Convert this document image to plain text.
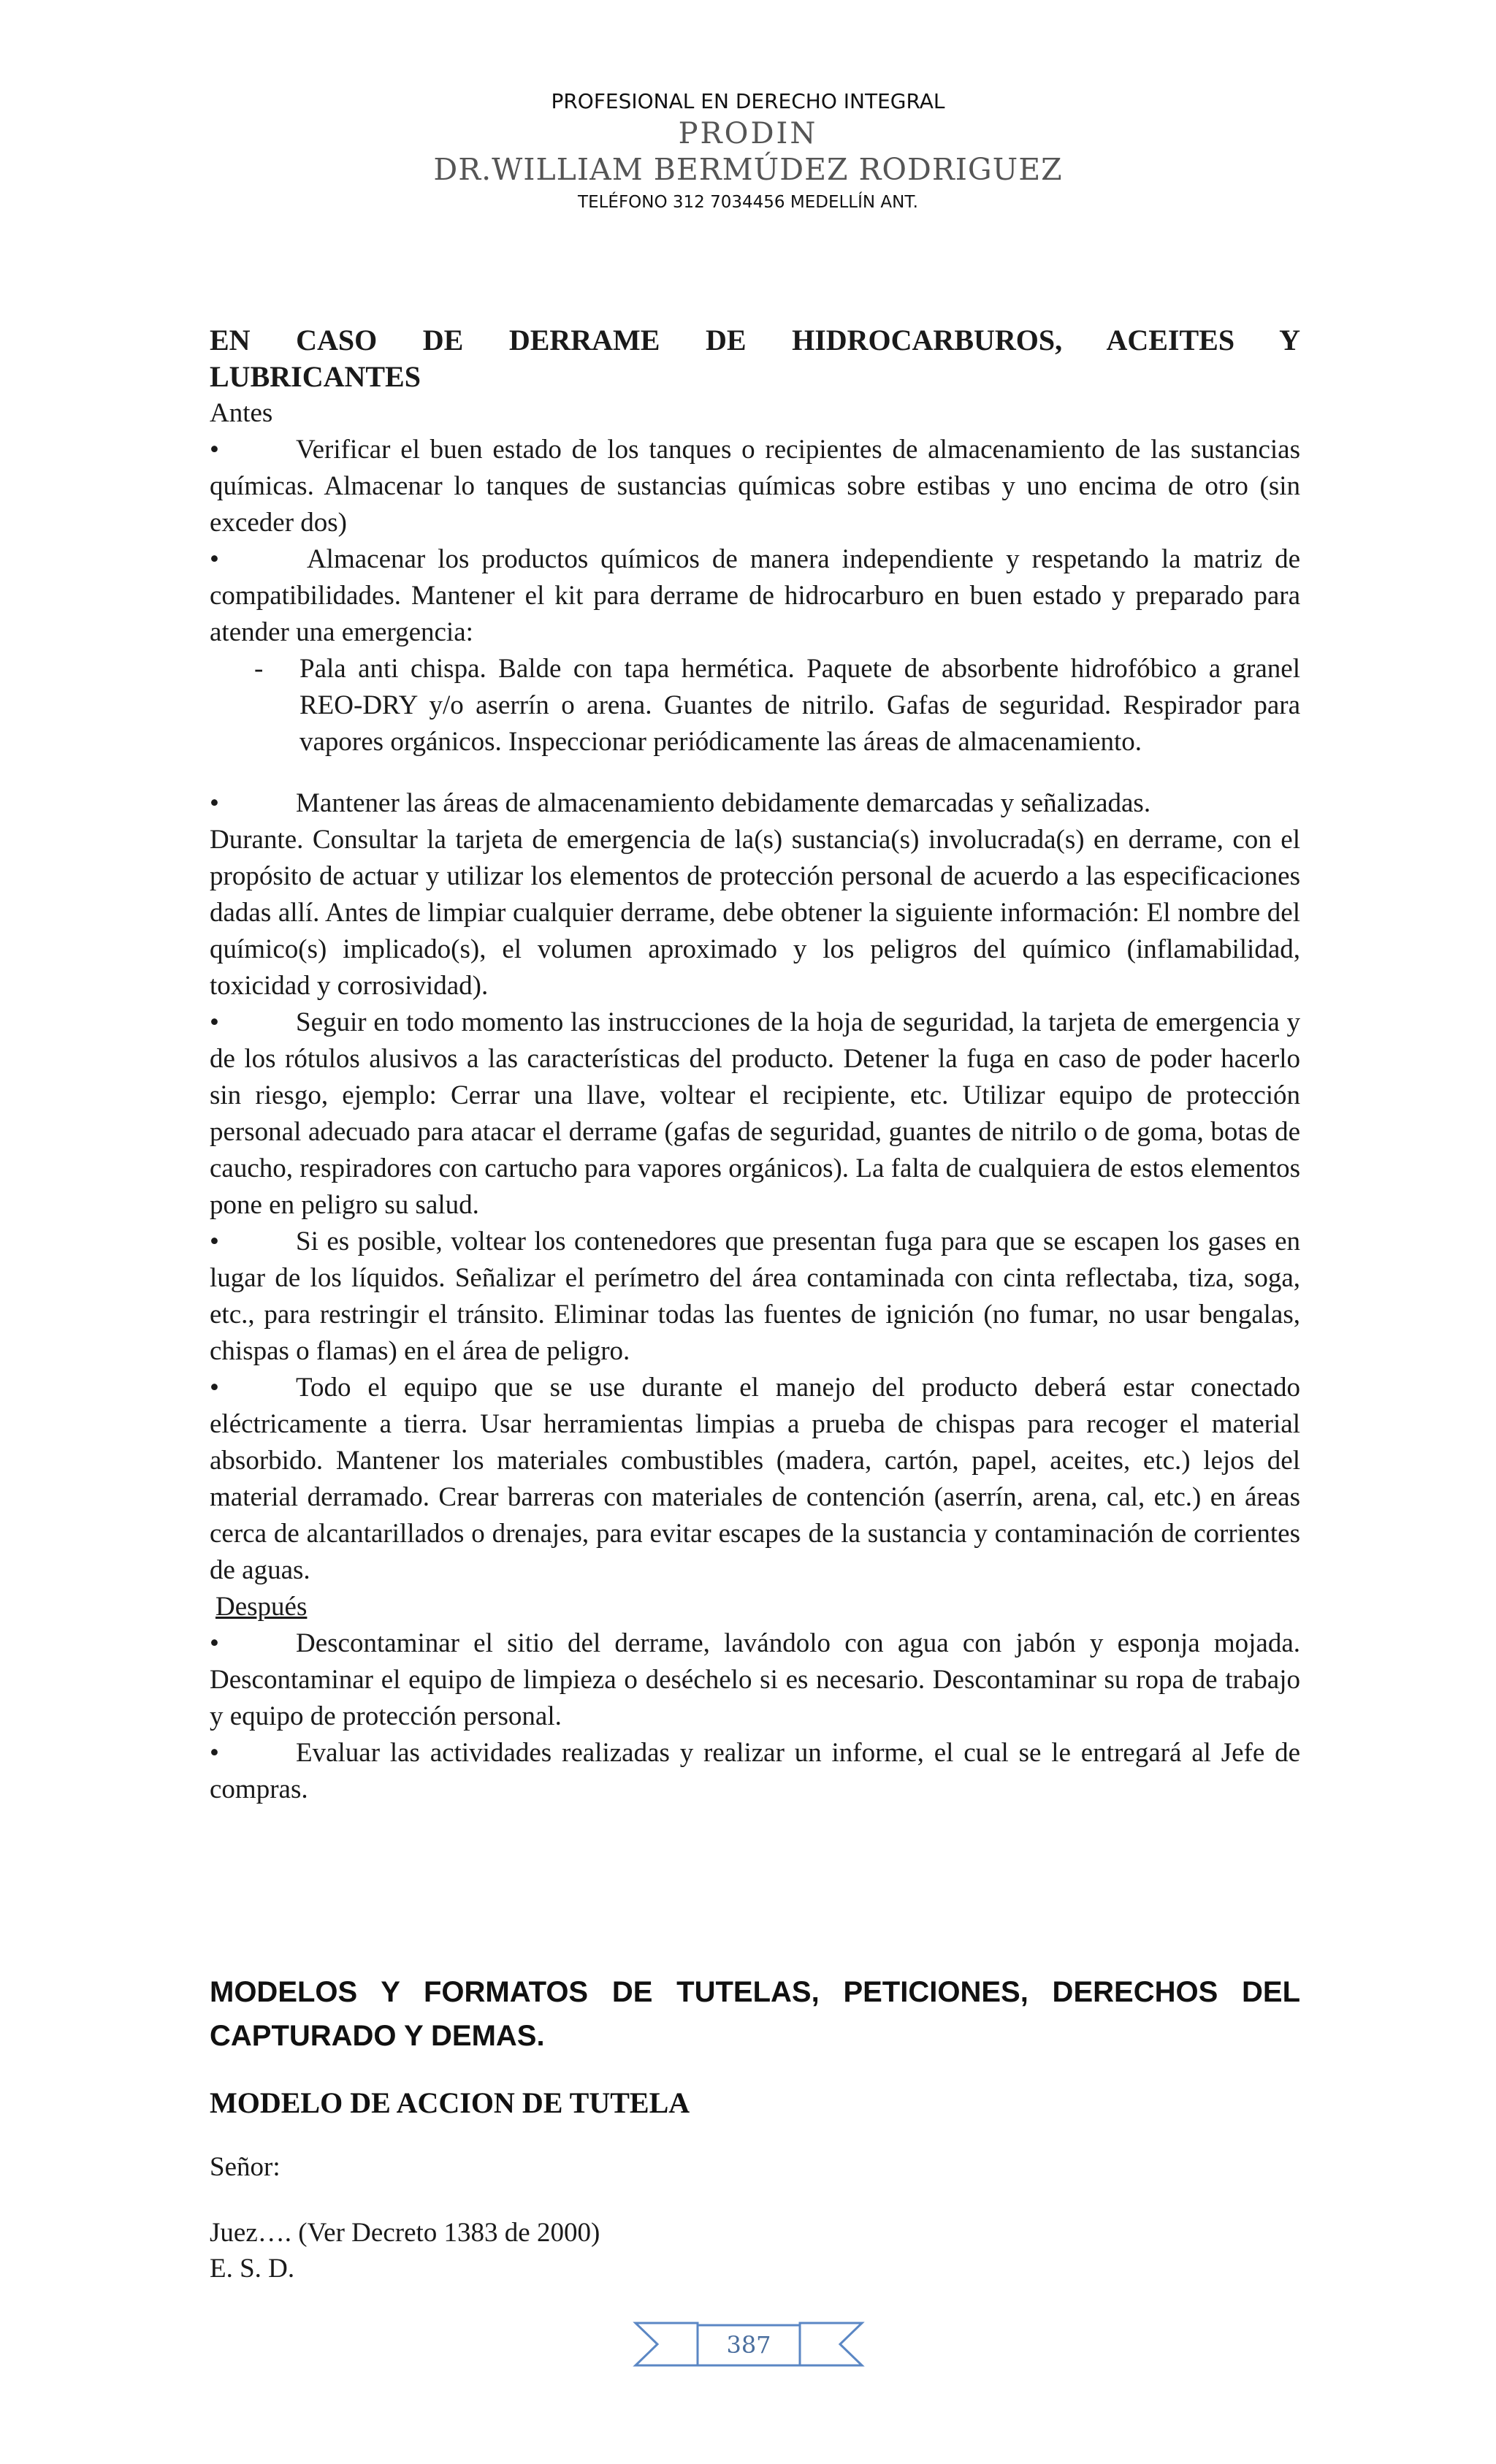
PROFESIONAL EN DERECHO INTEGRAL
PRODIN
DR.WILLIAM BERMÚDEZ RODRIGUEZ
TELÉFONO 312 7034456 MEDELLÍN ANT.
EN CASO DE DERRAME DE HIDROCARBUROS, ACEITES Y
LUBRICANTES

Antes

•	Verificar el buen estado de los tanques o recipientes de almacenamiento de las sustancias químicas. Almacenar lo tanques de sustancias químicas sobre estibas y uno encima de otro (sin exceder dos)

•	Almacenar los productos químicos de manera independiente y respetando la matriz de compatibilidades. Mantener el kit para derrame de hidrocarburo en buen estado y preparado para atender una emergencia:

-	Pala anti chispa. Balde con tapa hermética. Paquete de absorbente hidrofóbico a granel REO-DRY y/o aserrín o arena. Guantes de nitrilo. Gafas de seguridad. Respirador para vapores orgánicos. Inspeccionar periódicamente las áreas de almacenamiento.

•	Mantener las áreas de almacenamiento debidamente demarcadas y señalizadas.

Durante. Consultar la tarjeta de emergencia de la(s) sustancia(s) involucrada(s) en derrame, con el propósito de actuar y utilizar los elementos de protección personal de acuerdo a las especificaciones dadas allí. Antes de limpiar cualquier derrame, debe obtener la siguiente información: El nombre del químico(s) implicado(s), el volumen aproximado y los peligros del químico (inflamabilidad, toxicidad y corrosividad).

•	Seguir en todo momento las instrucciones de la hoja de seguridad, la tarjeta de emergencia y de los rótulos alusivos a las características del producto. Detener la fuga en caso de poder hacerlo sin riesgo, ejemplo: Cerrar una llave, voltear el recipiente, etc. Utilizar equipo de protección personal adecuado para atacar el derrame (gafas de seguridad, guantes de nitrilo o de goma, botas de caucho, respiradores con cartucho para vapores orgánicos). La falta de cualquiera de estos elementos pone en peligro su salud.

•	Si es posible, voltear los contenedores que presentan fuga para que se escapen los gases en lugar de los líquidos. Señalizar el perímetro del área contaminada con cinta reflectaba, tiza, soga, etc., para restringir el tránsito. Eliminar todas las fuentes de ignición (no fumar, no usar bengalas, chispas o flamas) en el área de peligro.

•	Todo el equipo que se use durante el manejo del producto deberá estar conectado eléctricamente a tierra. Usar herramientas limpias a prueba de chispas para recoger el material absorbido. Mantener los materiales combustibles (madera, cartón, papel, aceites, etc.) lejos del material derramado. Crear barreras con materiales de contención (aserrín, arena, cal, etc.) en áreas cerca de alcantarillados o drenajes, para evitar escapes de la sustancia y contaminación de corrientes de aguas.

Después

•	Descontaminar el sitio del derrame, lavándolo con agua con jabón y esponja mojada. Descontaminar el equipo de limpieza o deséchelo si es necesario. Descontaminar su ropa de trabajo y equipo de protección personal.

•	Evaluar las actividades realizadas y realizar un informe, el cual se le entregará al Jefe de compras.

MODELOS Y FORMATOS DE TUTELAS, PETICIONES, DERECHOS DEL
CAPTURADO Y DEMAS.
MODELO DE ACCION DE TUTELA
Señor:
Juez…. (Ver Decreto 1383 de 2000)
E. S. D.
387
